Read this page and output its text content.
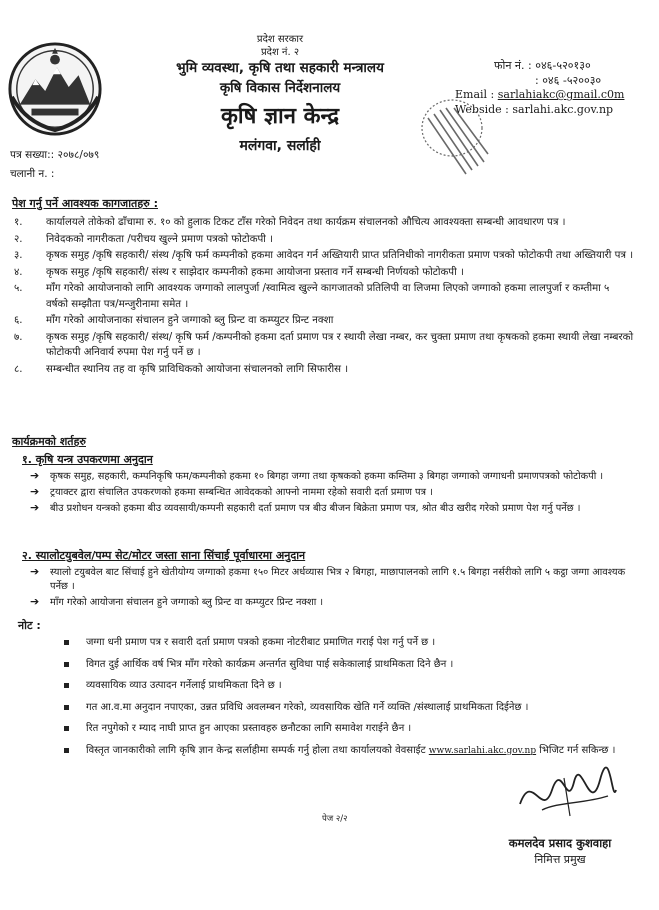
प्रदेश सरकार
प्रदेश नं. २
भुमि व्यवस्था, कृषि तथा सहकारी मन्त्रालय
कृषि विकास निर्देशनालय
कृषि ज्ञान केन्द्र
मलंगवा, सर्लाही
फोन नं. : ०४६-५२०१३०
: ०४६ -५२००३०
Email : sarlahiakc@gmail.c0m
Webside : sarlahi.akc.gov.np
पत्र सख्या:: २०७८/०७९
चलानी न. :
पेश गर्नु पर्ने आवश्यक कागजातहरु :
१. कार्यालयले तोकेको ढाँचामा रु. १० को हुलाक टिकट टाँस गरेको निवेदन तथा कार्यक्रम संचालनको औचित्य आवश्यक्ता सम्बन्धी आवधारण पत्र ।
२. निवेदकको नागरीकता /परीचय खुल्ने प्रमाण पत्रको फोटोकपी ।
३. कृषक समुह /कृषि सहकारी/ संस्थ /कृषि फर्म कम्पनीको हकमा आवेदन गर्न अख्तियारी प्राप्त प्रतिनिधीको नागरीकता प्रमाण पत्रको फोटोकपी तथा अख्तियारी पत्र ।
४. कृषक समुह /कृषि सहकारी/ संस्थ र साझेदार कम्पनीको हकमा आयोजना प्रस्ताव गर्ने सम्बन्धी निर्णयको फोटोकपी ।
५. माँग गरेको आयोजनाको लागि आवश्यक जग्गाको लालपुर्जा /स्वामित्व खुल्ने कागजातको प्रतिलिपी वा लिजमा लिएको जग्गाको हकमा लालपुर्जा र कम्तीमा ५ वर्षको सम्झौता पत्र/मन्जुरीनामा समेत ।
६. माँग गरेको आयोजनाका संचालन हुने जग्गाको ब्लु प्रिन्ट वा कम्प्युटर प्रिन्ट नक्शा
७. कृषक समुह /कृषि सहकारी/ संस्थ/ कृषि फर्म /कम्पनीको हकमा दर्ता प्रमाण पत्र र स्थायी लेखा नम्बर, कर चुक्ता प्रमाण तथा कृषकको हकमा स्थायी लेखा नम्बरको फोटोकपी अनिवार्य रुपमा पेश गर्नु पर्ने छ ।
८. सम्बन्धीत स्थानिय तह वा कृषि प्राविधिकको आयोजना संचालनको लागि सिफारीस ।
कार्यक्रमको शर्तहरु
१. कृषि यन्त्र उपकरणमा अनुदान
➔ कृषक समुह, सहकारी, कम्पनिकृषि फम/कम्पनीको हकमा १० बिगहा जग्गा तथा कृषकको हकमा कम्तिमा ३ बिगहा जग्गाको जग्गाधनी प्रमाणपत्रको फोटोकपी ।
➔ ट्रयाक्टर द्वारा संचालित उपकरणको हकमा सम्बन्धित आवेदकको आफ्नो नाममा रहेको सवारी दर्ता प्रमाण पत्र ।
➔ बीउ प्रशोधन यन्त्रको हकमा बीउ व्यवसायी/कम्पनी सहकारी दर्ता प्रमाण पत्र बीउ बीजन बिक्रेता प्रमाण पत्र, श्रोत बीउ खरीद गरेको प्रमाण पेश गर्नु पर्नेछ ।
२. स्यालोटयुबवेल/पम्प सेट/मोटर जस्ता साना सिंचाई पूर्वाधारमा अनुदान
➔ स्यालो टयुबवेल बाट सिंचाई हुने खेतीयोग्य जग्गाको हकमा १५० मिटर अर्धव्यास भित्र २ बिगहा, माछापालनको लागि १.५ बिगहा नर्सरीको लागि ५ कट्ठा जग्गा आवश्यक पर्नेछ ।
➔ माँग गरेको आयोजना संचालन हुने जग्गाको ब्लु प्रिन्ट वा कम्प्युटर प्रिन्ट नक्शा ।
नोट :
जग्गा धनी प्रमाण पत्र र सवारी दर्ता प्रमाण पत्रको हकमा नोटरीबाट प्रमाणित गराई पेश गर्नु पर्ने छ ।
विगत दुई आर्थिक वर्ष भित्र माँग गरेको कार्यक्रम अन्तर्गत सुविधा पाई सकेकालाई प्राथमिकता दिने छैन ।
व्यवसायिक व्याउ उत्पादन गर्नेलाई प्राथमिकता दिने छ ।
गत आ.व.मा अनुदान नपाएका, उन्नत प्रविधि अवलम्बन गरेको, व्यवसायिक खेति गर्ने व्यक्ति /संस्थालाई प्राथमिकता दिईनेछ ।
रित नपुगेको र म्याद नाघी प्राप्त हुन आएका प्रस्तावहरु छनौटका लागि समावेश गराईने छैन ।
विस्तृत जानकारीको लागि कृषि ज्ञान केन्द्र सर्लाहीमा सम्पर्क गर्नु होला तथा कार्यालयको वेवसाईट www.sarlahi.akc.gov.np भिजिट गर्न सकिन्छ ।
पेज २/२
कमलदेव प्रसाद कुशवाहा
निमित्त प्रमुख
